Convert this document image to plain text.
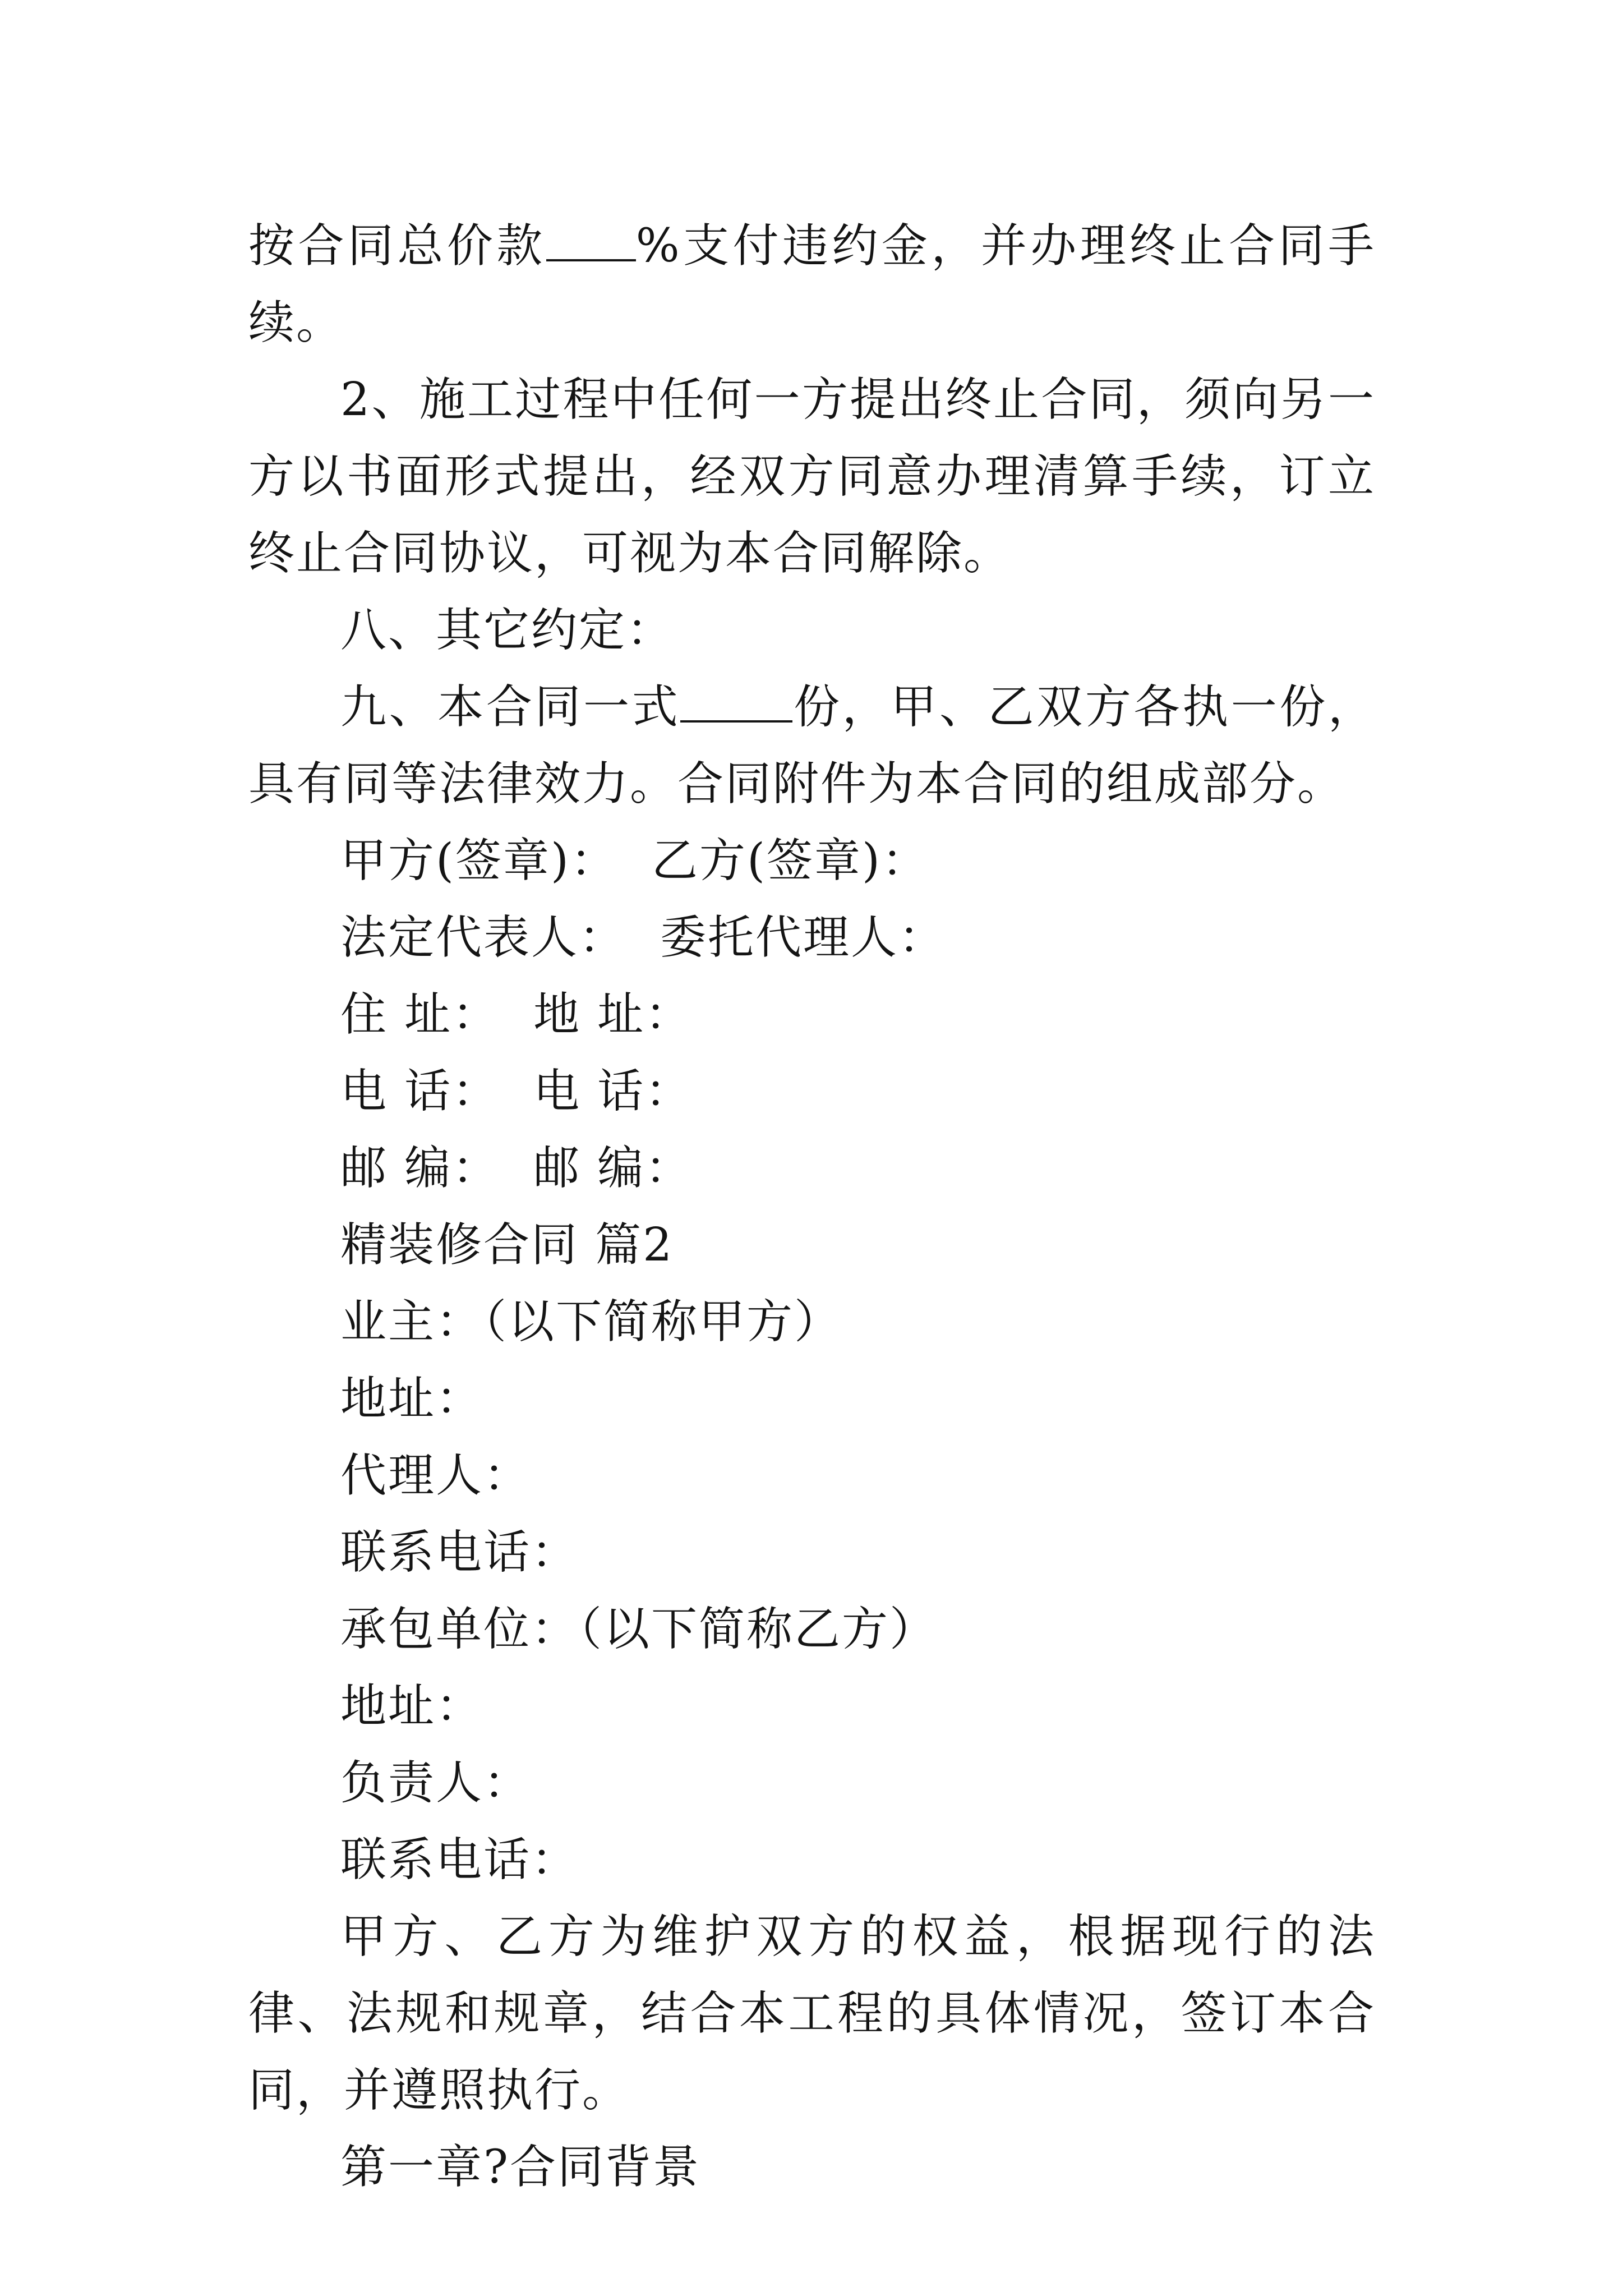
按合同总价款 %支付违约金，并办理终止合同手续。

2、施工过程中任何一方提出终止合同，须向另一方以书面形式提出，经双方同意办理清算手续，订立终止合同协议，可视为本合同解除。

八、其它约定：

九、本合同一式 份，甲、乙双方各执一份，具有同等法律效力。合同附件为本合同的组成部分。

甲方(签章)： 乙方(签章)：

法定代表人： 委托代理人：

住 址： 地 址：

电 话： 电 话：

邮 编： 邮 编：

精装修合同 篇2

业主：（以下简称甲方）

地址：

代理人：

联系电话：

承包单位：（以下简称乙方）

地址：

负责人：

联系电话：

甲方、乙方为维护双方的权益，根据现行的法律、法规和规章，结合本工程的具体情况，签订本合同，并遵照执行。

第一章?合同背景
